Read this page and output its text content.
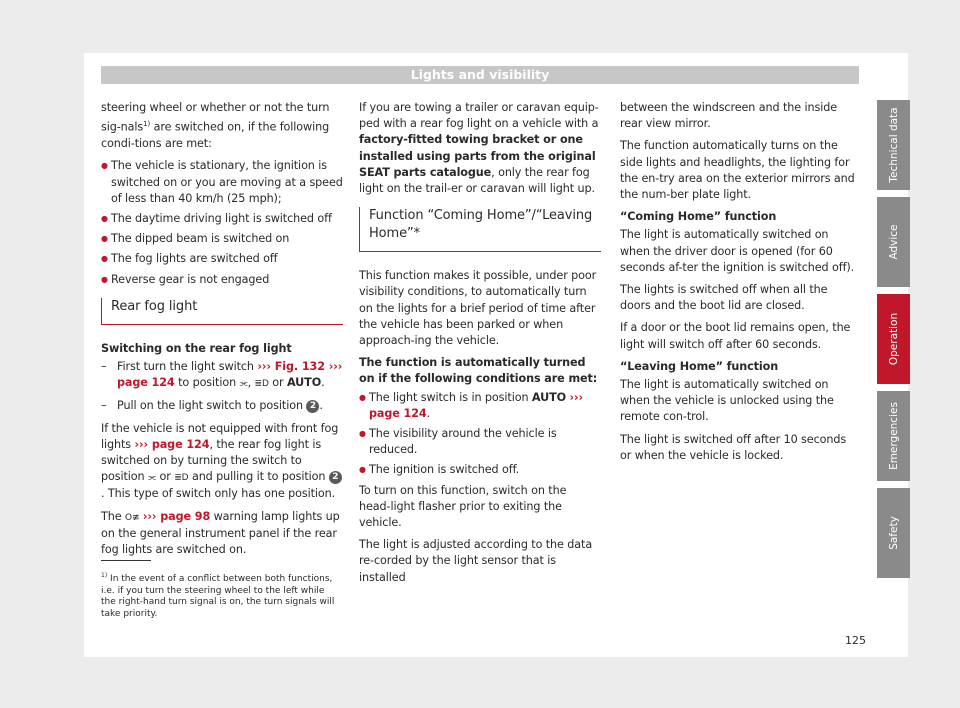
Lights and visibility

steering wheel or whether or not the turn sig-nals$^{1)}$ are switched on, if the following condi-tions are met:

● The vehicle is stationary, the ignition is switched on or you are moving at a speed of less than 40 km/h (25 mph);
● The daytime driving light is switched off
● The dipped beam is switched on
● The fog lights are switched off
● Reverse gear is not engaged
Rear fog light

Switching on the rear fog light

– First turn the light switch ››› Fig. 132 ››› page 124 to position ⫘, ≣D or AUTO.
– Pull on the light switch to position 2 .

If the vehicle is not equipped with front fog lights ››› page 124, the rear fog light is switched on by turning the switch to position ⫘ or ≣D and pulling it to position 2. This type of switch only has one position.

The O≢ ››› page 98 warning lamp lights up on the general instrument panel if the rear fog lights are switched on.

If you are towing a trailer or caravan equip-ped with a rear fog light on a vehicle with a factory-fitted towing bracket or one installed using parts from the original SEAT parts catalogue, only the rear fog light on the trail-er or caravan will light up.

Function “Coming Home”/“Leaving Home”*

This function makes it possible, under poor visibility conditions, to automatically turn on the lights for a brief period of time after the vehicle has been parked or when approach-ing the vehicle.

The function is automatically turned on if the following conditions are met:

● The light switch is in position AUTO ››› page 124.
● The visibility around the vehicle is reduced.
● The ignition is switched off.

To turn on this function, switch on the head-light flasher prior to exiting the vehicle.

The light is adjusted according to the data re-corded by the light sensor that is installed

between the windscreen and the inside rear view mirror.

The function automatically turns on the side lights and headlights, the lighting for the en-try area on the exterior mirrors and the num-ber plate light.

“Coming Home” function

The light is automatically switched on when the driver door is opened (for 60 seconds af-ter the ignition is switched off).

The lights is switched off when all the doors and the boot lid are closed.

If a door or the boot lid remains open, the light will switch off after 60 seconds.

“Leaving Home” function

The light is automatically switched on when the vehicle is unlocked using the remote con-trol.

The light is switched off after 10 seconds or when the vehicle is locked.

$^{1)}$ In the event of a conflict between both functions, i.e. if you turn the steering wheel to the left while the right-hand turn signal is on, the turn signals will take priority.
125
Technical data
Advice
Operation
Emergencies
Safety
